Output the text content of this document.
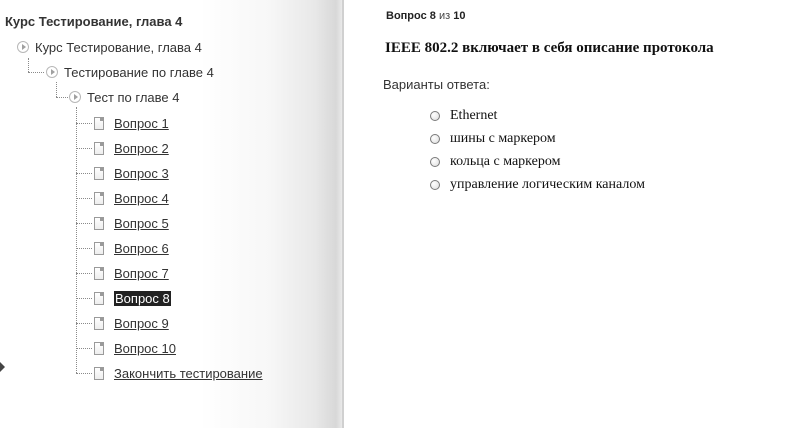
Курс Тестирование, глава 4
Курс Тестирование, глава 4
Тестирование по главе 4
Тест по главе 4
Вопрос 1
Вопрос 2
Вопрос 3
Вопрос 4
Вопрос 5
Вопрос 6
Вопрос 7
Вопрос 8
Вопрос 9
Вопрос 10
Закончить тестирование
Вопрос 8 из 10
IEEE 802.2 включает в себя описание протокола
Варианты ответа:
Ethernet
шины с маркером
кольца с маркером
управление логическим каналом
